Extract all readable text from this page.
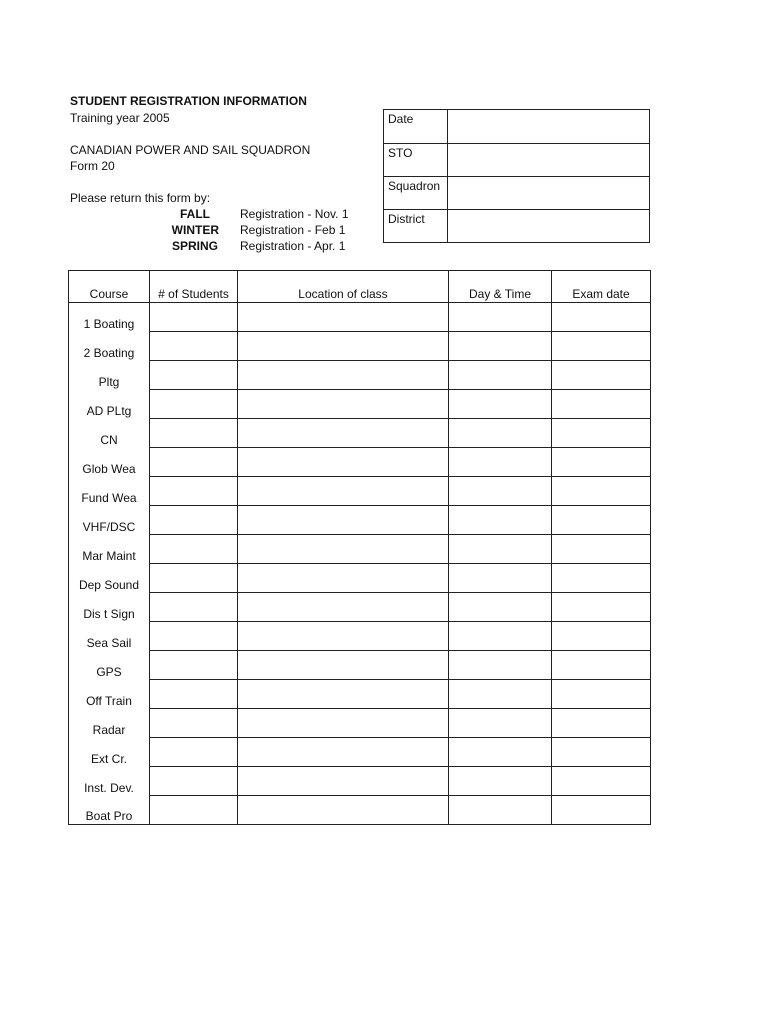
STUDENT REGISTRATION INFORMATION
Training year 2005
CANADIAN POWER AND SAIL SQUADRON
Form 20
Please return this form by:
FALL	Registration - Nov. 1
WINTER Registration - Feb 1
SPRING Registration - Apr. 1
Date
STO
Squadron
District
Course	# of Students	Location of class	Day & Time	Exam date
1 Boating				
2 Boating				
Pltg				
AD PLtg				
CN				
Glob Wea				
Fund Wea				
VHF/DSC				
Mar Maint				
Dep Sound				
Dis t Sign				
Sea Sail				
GPS				
Off Train				
Radar				
Ext Cr.				
Inst. Dev.				
Boat Pro				
